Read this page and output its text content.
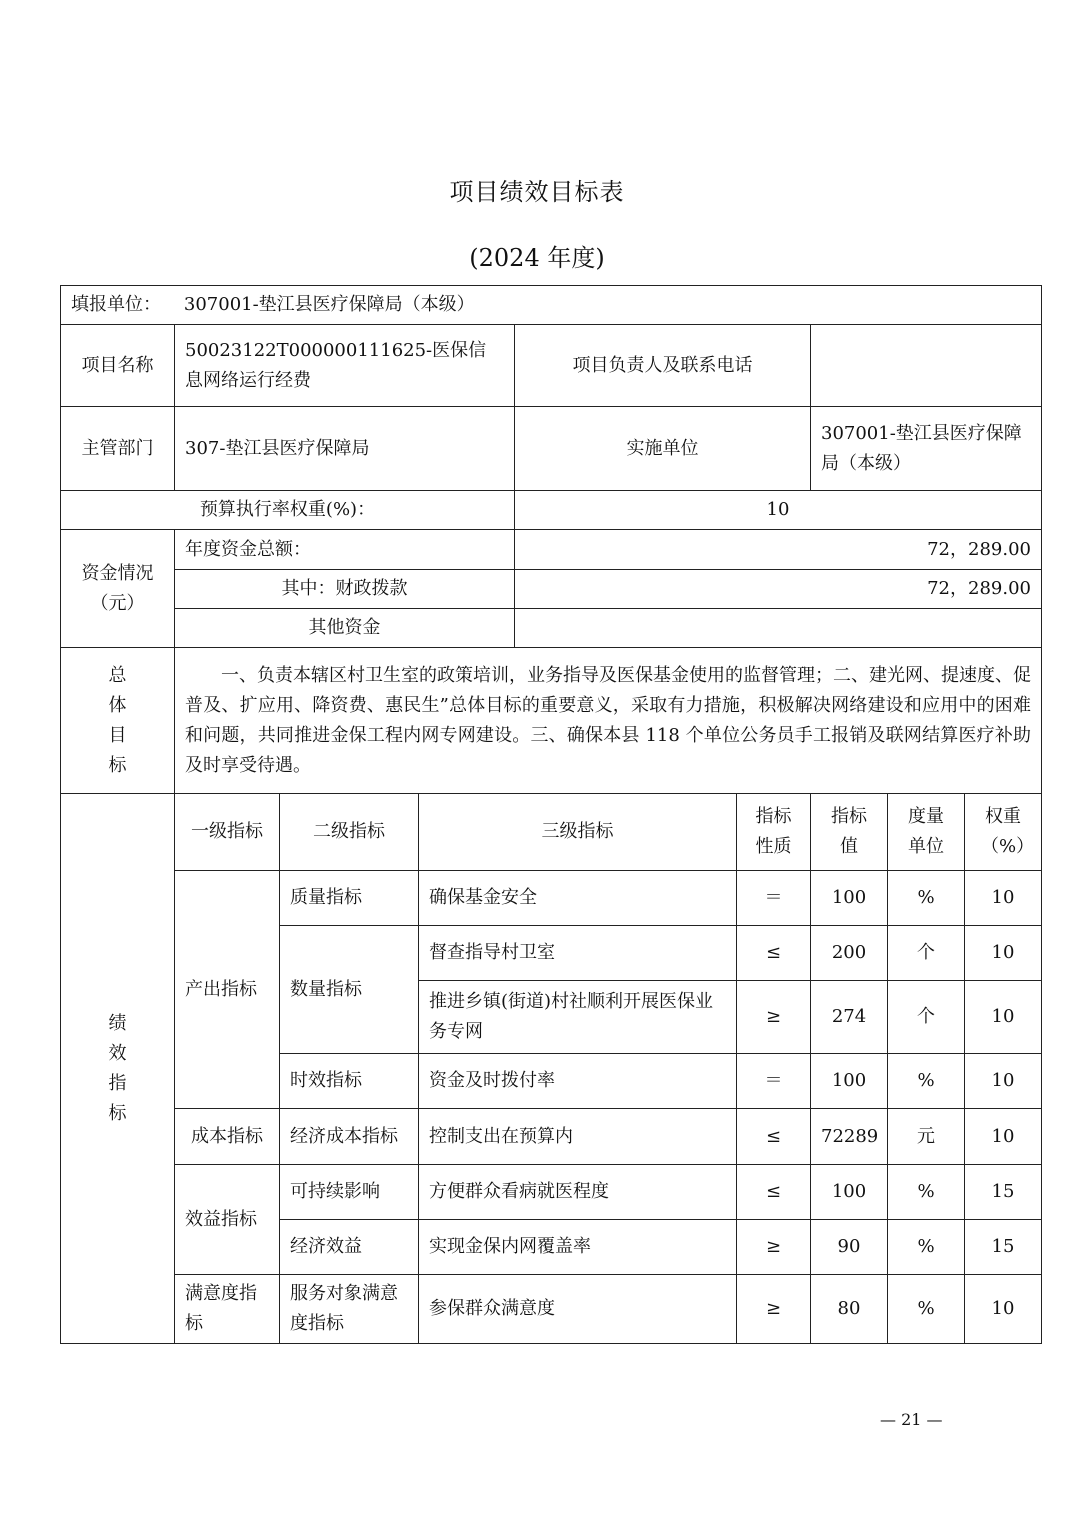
项目绩效目标表
(2024 年度)
填报单位： 307001-垫江县医疗保障局（本级）								
项目名称	50023122T000000111625-医保信息网络运行经费			项目负责人及联系电话				
主管部门	307-垫江县医疗保障局			实施单位		307001-垫江县医疗保障局（本级）		
预算执行率权重(%)：				10				
资金情况（元）	年度资金总额：			72，289.00				
	其中：财政拨款			72，289.00				
	其他资金							
总体目标	一、负责本辖区村卫生室的政策培训，业务指导及医保基金使用的监督管理；二、建光网、提速度、促普及、扩应用、降资费、惠民生”总体目标的重要意义，采取有力措施，积极解决网络建设和应用中的困难和问题，共同推进金保工程内网专网建设。三、确保本县 118 个单位公务员手工报销及联网结算医疗补助及时享受待遇。							
绩效指标	一级指标	二级指标	三级指标		指标性质	指标值	度量单位	权重（%）
	产出指标	质量指标	确保基金安全		＝	100	%	10
		数量指标	督查指导村卫室		≤	200	个	10
			推进乡镇(街道)村社顺利开展医保业务专网		≥	274	个	10
		时效指标	资金及时拨付率		＝	100	%	10
	成本指标	经济成本指标	控制支出在预算内		≤	72289	元	10
	效益指标	可持续影响	方便群众看病就医程度		≤	100	%	15
		经济效益	实现金保内网覆盖率		≥	90	%	15
	满意度指标	服务对象满意度指标	参保群众满意度		≥	80	%	10
— 21 —
